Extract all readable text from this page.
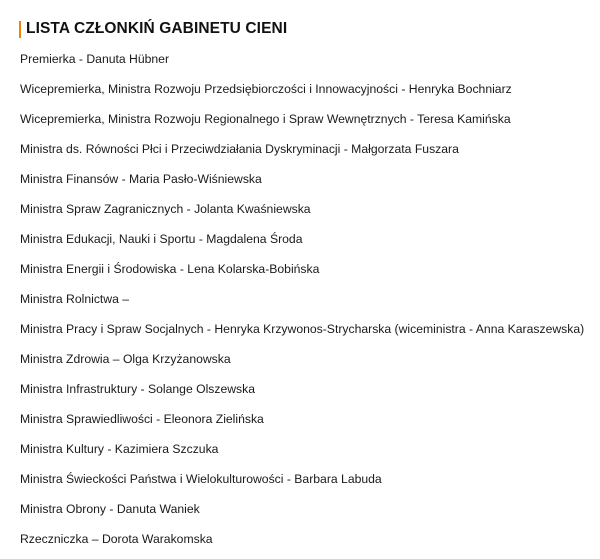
LISTA CZŁONKIŃ GABINETU CIENI
Premierka - Danuta Hübner
Wicepremierka, Ministra Rozwoju Przedsiębiorczości i Innowacyjności - Henryka Bochniarz
Wicepremierka, Ministra Rozwoju Regionalnego i Spraw Wewnętrznych - Teresa Kamińska
Ministra ds. Równości Płci i Przeciwdziałania Dyskryminacji - Małgorzata Fuszara
Ministra Finansów - Maria Pasło-Wiśniewska
Ministra Spraw Zagranicznych - Jolanta Kwaśniewska
Ministra Edukacji, Nauki i Sportu - Magdalena Środa
Ministra Energii i Środowiska - Lena Kolarska-Bobińska
Ministra Rolnictwa –
Ministra Pracy i Spraw Socjalnych - Henryka Krzywonos-Strycharska (wiceministra - Anna Karaszewska)
Ministra Zdrowia – Olga Krzyżanowska
Ministra Infrastruktury - Solange Olszewska
Ministra Sprawiedliwości - Eleonora Zielińska
Ministra Kultury - Kazimiera Szczuka
Ministra Świeckości Państwa i Wielokulturowości - Barbara Labuda
Ministra Obrony - Danuta Waniek
Rzeczniczka – Dorota Warakomska
